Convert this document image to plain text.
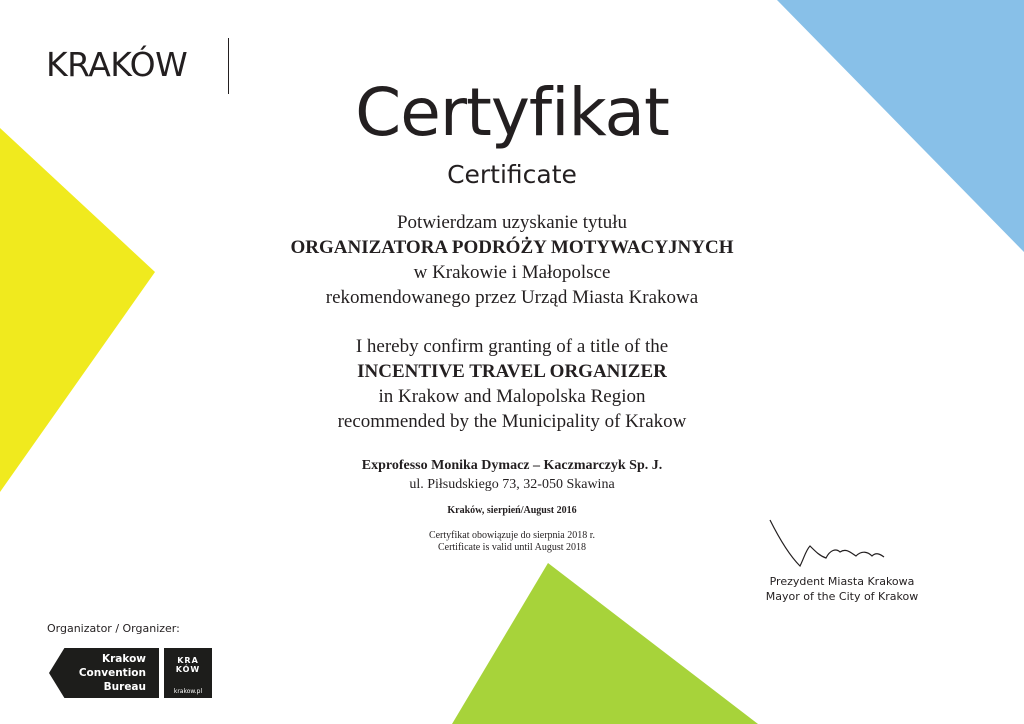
KRAKÓW
Certyfikat
Certificate
Potwierdzam uzyskanie tytułu
ORGANIZATORA PODRÓŻY MOTYWACYJNYCH
w Krakowie i Małopolsce
rekomendowanego przez Urząd Miasta Krakowa
I hereby confirm granting of a title of the
INCENTIVE TRAVEL ORGANIZER
in Krakow and Malopolska Region
recommended by the Municipality of Krakow
Exprofesso Monika Dymacz – Kaczmarczyk Sp. J.
ul. Piłsudskiego 73, 32-050 Skawina
Kraków, sierpień/August 2016
Certyfikat obowiązuje do sierpnia 2018 r.
Certificate is valid until August 2018
Prezydent Miasta Krakowa
Mayor of the City of Krakow
Organizator / Organizer:
Krakow
Convention
Bureau
KRA
KÓW
krakow.pl
